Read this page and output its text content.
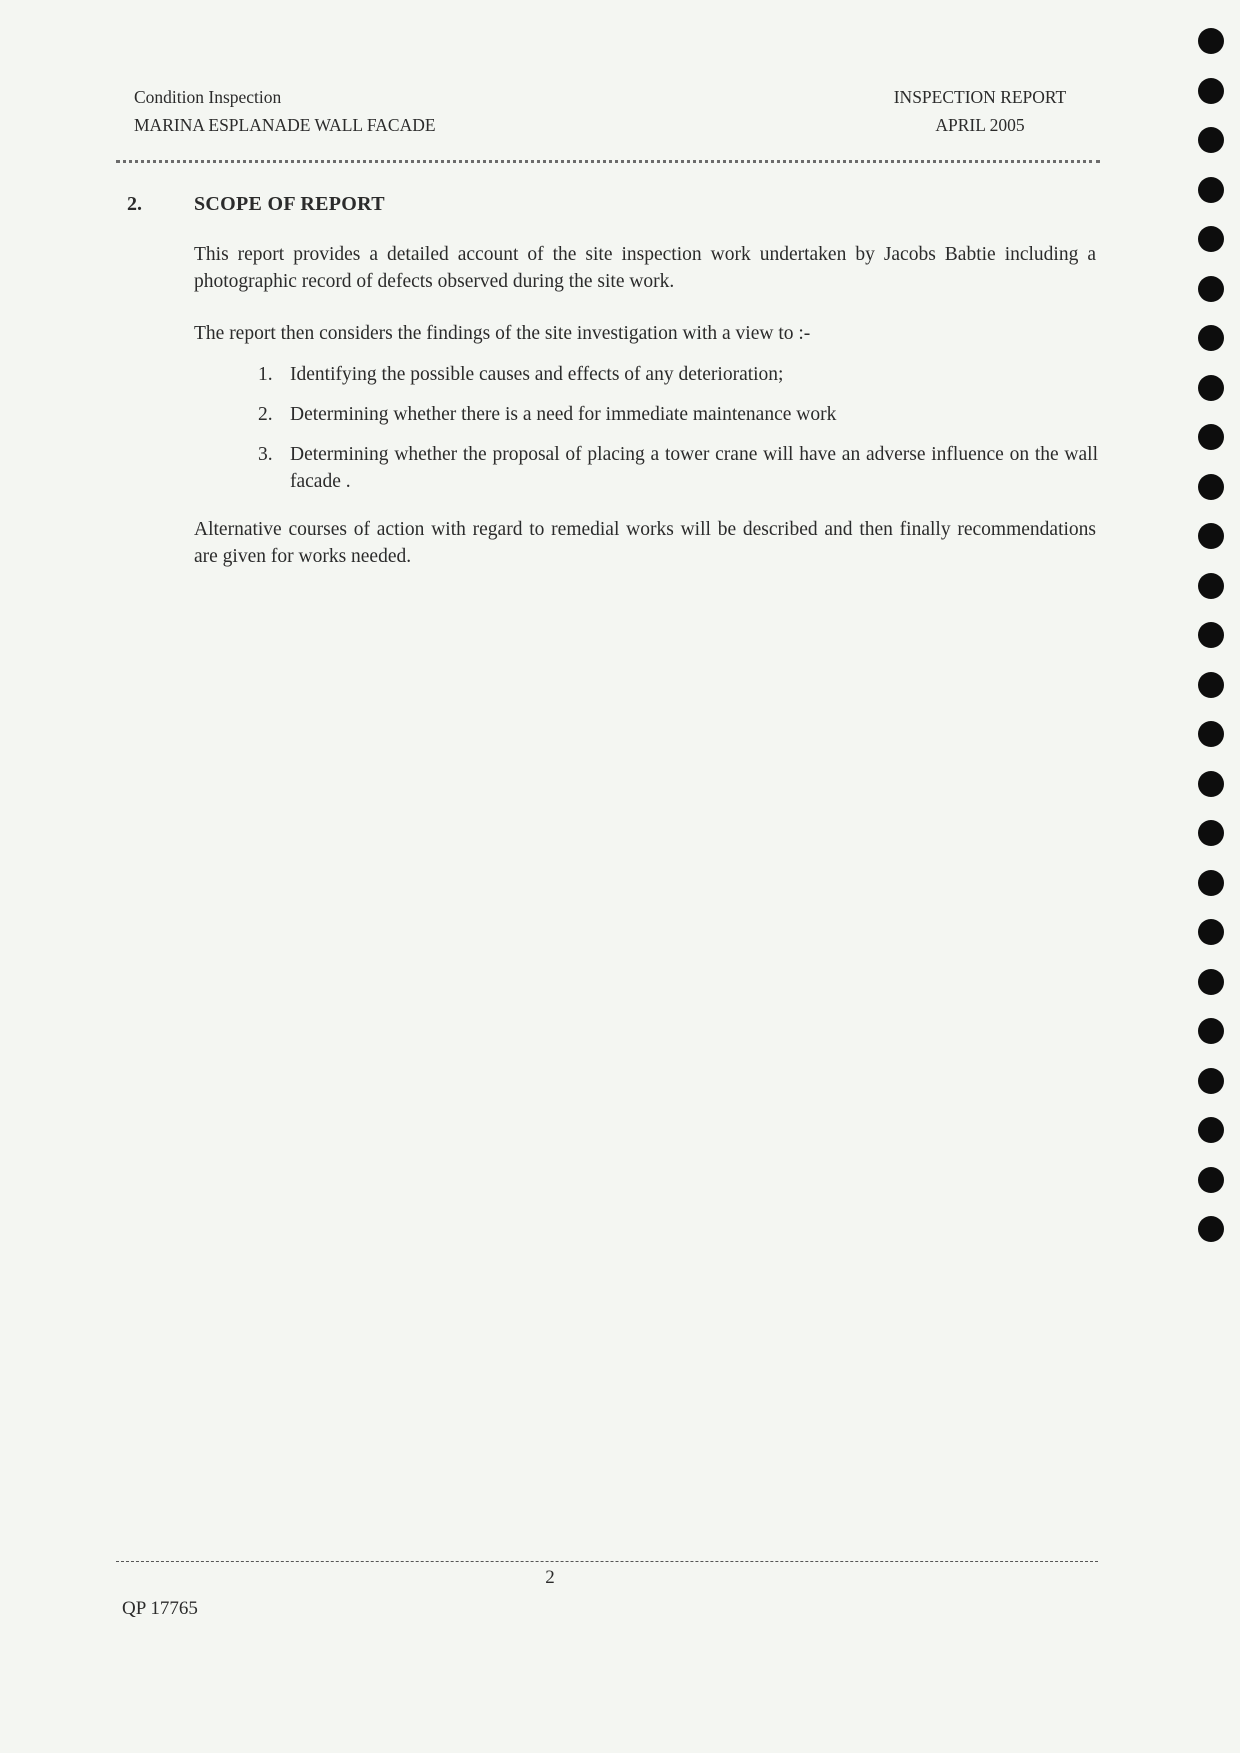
Condition Inspection
MARINA ESPLANADE WALL FACADE
INSPECTION REPORT
APRIL 2005
2.	SCOPE OF REPORT

This report provides a detailed account of the site inspection work undertaken by Jacobs Babtie including a photographic record of defects observed during the site work.

The report then considers the findings of the site investigation with a view to :-

1. Identifying the possible causes and effects of any deterioration;
2. Determining whether there is a need for immediate maintenance work
3. Determining whether the proposal of placing a tower crane will have an adverse influence on the wall facade .

Alternative courses of action with regard to remedial works will be described and then finally recommendations are given for works needed.

2
QP 17765
